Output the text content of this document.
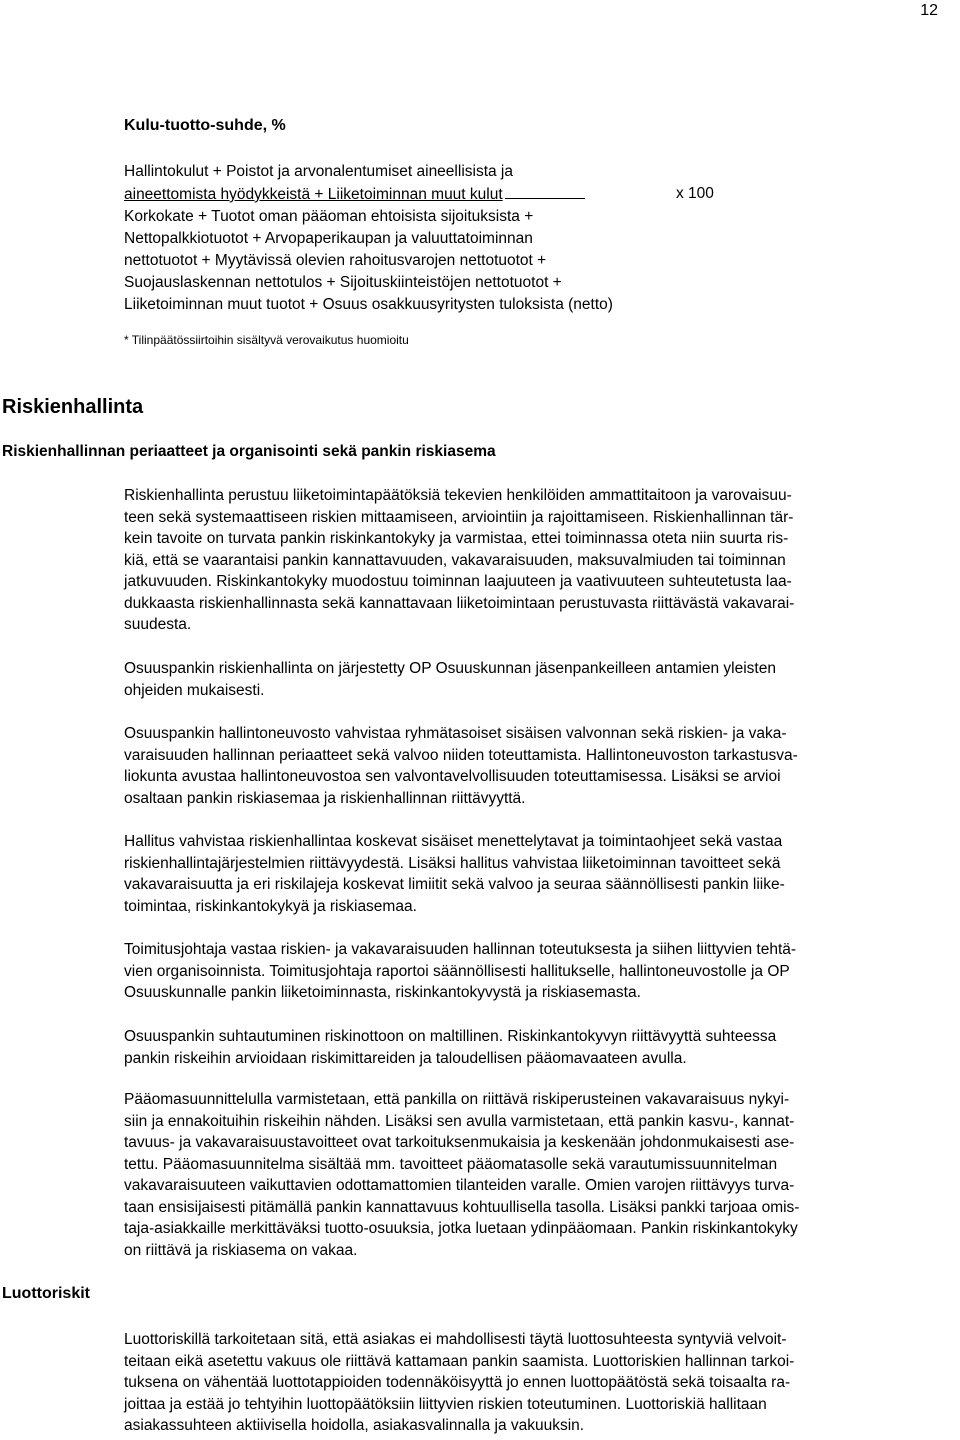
12
Kulu-tuotto-suhde, %
Hallintokulut + Poistot ja arvonalentumiset aineellisista ja
aineettomista hyödykkeistä + Liiketoiminnan muut kulut	x 100
Korkokate + Tuotot oman pääoman ehtoisista sijoituksista +
Nettopalkkiotuotot + Arvopaperikaupan ja valuuttatoiminnan
nettotuotot + Myytävissä olevien rahoitusvarojen nettotuotot +
Suojauslaskennan nettotulos + Sijoituskiinteistöjen nettotuotot +
Liiketoiminnan muut tuotot + Osuus osakkuusyritysten tuloksista (netto)
* Tilinpäätössiirtoihin sisältyvä verovaikutus huomioitu
Riskienhallinta
Riskienhallinnan periaatteet ja organisointi sekä pankin riskiasema
Riskienhallinta perustuu liiketoimintapäätöksiä tekevien henkilöiden ammattitaitoon ja varovaisuu-
teen sekä systemaattiseen riskien mittaamiseen, arviointiin ja rajoittamiseen. Riskienhallinnan tär-
kein tavoite on turvata pankin riskinkantokyky ja varmistaa, ettei toiminnassa oteta niin suurta ris-
kiä, että se vaarantaisi pankin kannattavuuden, vakavaraisuuden, maksuvalmiuden tai toiminnan
jatkuvuuden. Riskinkantokyky muodostuu toiminnan laajuuteen ja vaativuuteen suhteutetusta laa-
dukkaasta riskienhallinnasta sekä kannattavaan liiketoimintaan perustuvasta riittävästä vakavarai-
suudesta.
Osuuspankin riskienhallinta on järjestetty OP Osuuskunnan jäsenpankeilleen antamien yleisten
ohjeiden mukaisesti.
Osuuspankin hallintoneuvosto vahvistaa ryhmätasoiset sisäisen valvonnan sekä riskien- ja vaka-
varaisuuden hallinnan periaatteet sekä valvoo niiden toteuttamista. Hallintoneuvoston tarkastusva-
liokunta avustaa hallintoneuvostoa sen valvontavelvollisuuden toteuttamisessa. Lisäksi se arvioi
osaltaan pankin riskiasemaa ja riskienhallinnan riittävyyttä.
Hallitus vahvistaa riskienhallintaa koskevat sisäiset menettelytavat ja toimintaohjeet sekä vastaa
riskienhallintajärjestelmien riittävyydestä. Lisäksi hallitus vahvistaa liiketoiminnan tavoitteet sekä
vakavaraisuutta ja eri riskilajeja koskevat limiitit sekä valvoo ja seuraa säännöllisesti pankin liike-
toimintaa, riskinkantokykyä ja riskiasemaa.
Toimitusjohtaja vastaa riskien- ja vakavaraisuuden hallinnan toteutuksesta ja siihen liittyvien tehtä-
vien organisoinnista. Toimitusjohtaja raportoi säännöllisesti hallitukselle, hallintoneuvostolle ja OP
Osuuskunnalle pankin liiketoiminnasta, riskinkantokyvystä ja riskiasemasta.
Osuuspankin suhtautuminen riskinottoon on maltillinen. Riskinkantokyvyn riittävyyttä suhteessa
pankin riskeihin arvioidaan riskimittareiden ja taloudellisen pääomavaateen avulla.
Pääomasuunnittelulla varmistetaan, että pankilla on riittävä riskiperusteinen vakavaraisuus nykyi-
siin ja ennakoituihin riskeihin nähden. Lisäksi sen avulla varmistetaan, että pankin kasvu-, kannat-
tavuus- ja vakavaraisuustavoitteet ovat tarkoituksenmukaisia ja keskenään johdonmukaisesti ase-
tettu. Pääomasuunnitelma sisältää mm. tavoitteet pääomatasolle sekä varautumissuunnitelman
vakavaraisuuteen vaikuttavien odottamattomien tilanteiden varalle. Omien varojen riittävyys turva-
taan ensisijaisesti pitämällä pankin kannattavuus kohtuullisella tasolla. Lisäksi pankki tarjoaa omis-
taja-asiakkaille merkittäväksi tuotto-osuuksia, jotka luetaan ydinpääomaan. Pankin riskinkantokyky
on riittävä ja riskiasema on vakaa.
Luottoriskit
Luottoriskillä tarkoitetaan sitä, että asiakas ei mahdollisesti täytä luottosuhteesta syntyviä velvoit-
teitaan eikä asetettu vakuus ole riittävä kattamaan pankin saamista. Luottoriskien hallinnan tarkoi-
tuksena on vähentää luottotappioiden todennäköisyyttä jo ennen luottopäätöstä sekä toisaalta ra-
joittaa ja estää jo tehtyihin luottopäätöksiin liittyvien riskien toteutuminen. Luottoriskiä hallitaan
asiakassuhteen aktiivisella hoidolla, asiakasvalinnalla ja vakuuksin.
